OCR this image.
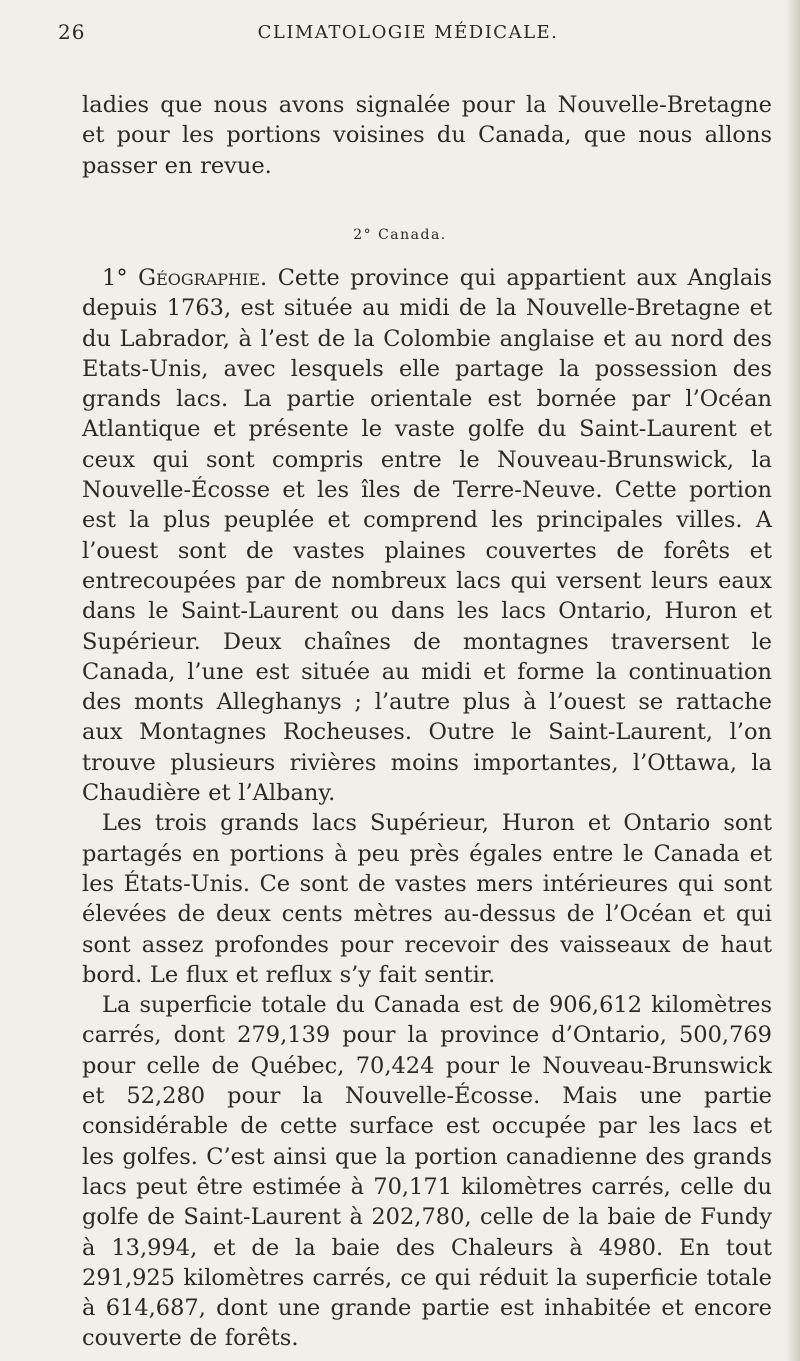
26	CLIMATOLOGIE MÉDICALE.

ladies que nous avons signalée pour la Nouvelle-Bretagne et pour les portions voisines du Canada, que nous allons passer en revue.

2° Canada.

1° Géographie. Cette province qui appartient aux Anglais depuis 1763, est située au midi de la Nouvelle-Bretagne et du Labrador, à l’est de la Colombie anglaise et au nord des Etats-Unis, avec lesquels elle partage la possession des grands lacs. La partie orientale est bornée par l’Océan Atlantique et présente le vaste golfe du Saint-Laurent et ceux qui sont compris entre le Nouveau-Brunswick, la Nouvelle-Écosse et les îles de Terre-Neuve. Cette portion est la plus peuplée et comprend les principales villes. A l’ouest sont de vastes plaines couvertes de forêts et entrecoupées par de nombreux lacs qui versent leurs eaux dans le Saint-Laurent ou dans les lacs Ontario, Huron et Supérieur. Deux chaînes de montagnes traversent le Canada, l’une est située au midi et forme la continuation des monts Alleghanys ; l’autre plus à l’ouest se rattache aux Montagnes Rocheuses. Outre le Saint-Laurent, l’on trouve plusieurs rivières moins importantes, l’Ottawa, la Chaudière et l’Albany.

Les trois grands lacs Supérieur, Huron et Ontario sont partagés en portions à peu près égales entre le Canada et les États-Unis. Ce sont de vastes mers intérieures qui sont élevées de deux cents mètres au-dessus de l’Océan et qui sont assez profondes pour recevoir des vaisseaux de haut bord. Le flux et reflux s’y fait sentir.

La superficie totale du Canada est de 906,612 kilomètres carrés, dont 279,139 pour la province d’Ontario, 500,769 pour celle de Québec, 70,424 pour le Nouveau-Brunswick et 52,280 pour la Nouvelle-Écosse. Mais une partie considérable de cette surface est occupée par les lacs et les golfes. C’est ainsi que la portion canadienne des grands lacs peut être estimée à 70,171 kilomètres carrés, celle du golfe de Saint-Laurent à 202,780, celle de la baie de Fundy à 13,994, et de la baie des Chaleurs à 4980. En tout 291,925 kilomètres carrés, ce qui réduit la superficie totale à 614,687, dont une grande partie est inhabitée et encore couverte de forêts.
